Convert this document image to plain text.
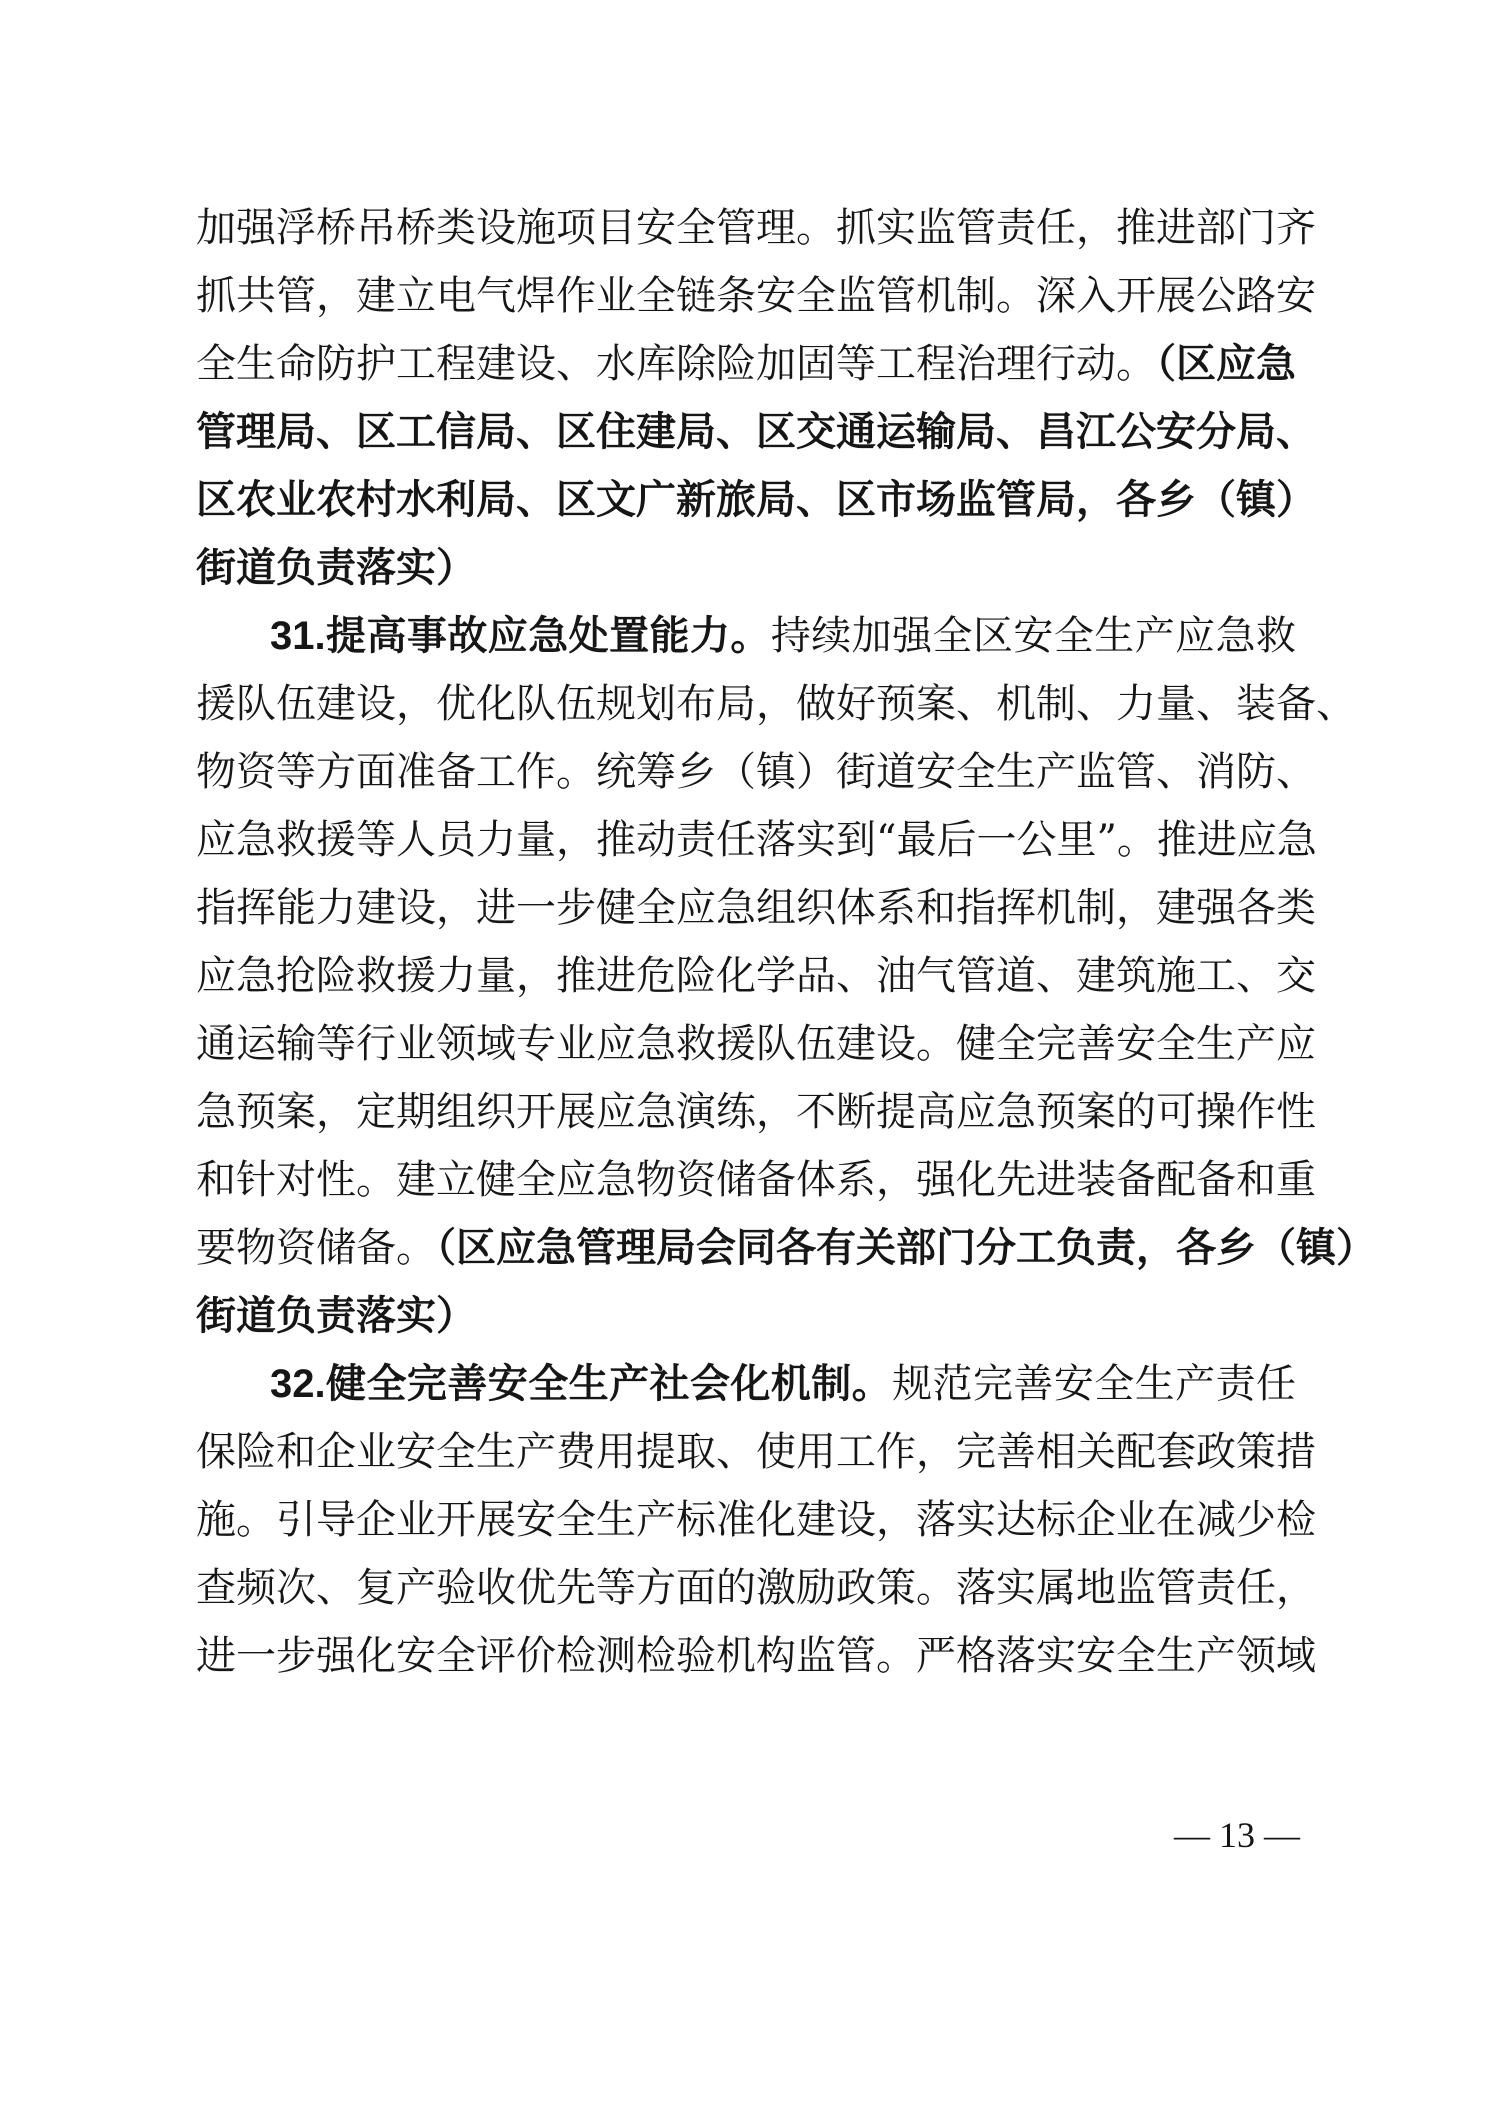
加强浮桥吊桥类设施项目安全管理。抓实监管责任，推进部门齐
抓共管，建立电气焊作业全链条安全监管机制。深入开展公路安
全生命防护工程建设、水库除险加固等工程治理行动。（区应急
管理局、区工信局、区住建局、区交通运输局、昌江公安分局、
区农业农村水利局、区文广新旅局、区市场监管局，各乡（镇）
街道负责落实）
31.提高事故应急处置能力。持续加强全区安全生产应急救
援队伍建设，优化队伍规划布局，做好预案、机制、力量、装备、
物资等方面准备工作。统筹乡（镇）街道安全生产监管、消防、
应急救援等人员力量，推动责任落实到“最后一公里”。推进应急
指挥能力建设，进一步健全应急组织体系和指挥机制，建强各类
应急抢险救援力量，推进危险化学品、油气管道、建筑施工、交
通运输等行业领域专业应急救援队伍建设。健全完善安全生产应
急预案，定期组织开展应急演练，不断提高应急预案的可操作性
和针对性。建立健全应急物资储备体系，强化先进装备配备和重
要物资储备。（区应急管理局会同各有关部门分工负责，各乡（镇）
街道负责落实）
32.健全完善安全生产社会化机制。规范完善安全生产责任
保险和企业安全生产费用提取、使用工作，完善相关配套政策措
施。引导企业开展安全生产标准化建设，落实达标企业在减少检
查频次、复产验收优先等方面的激励政策。落实属地监管责任，
进一步强化安全评价检测检验机构监管。严格落实安全生产领域
— 13 —
